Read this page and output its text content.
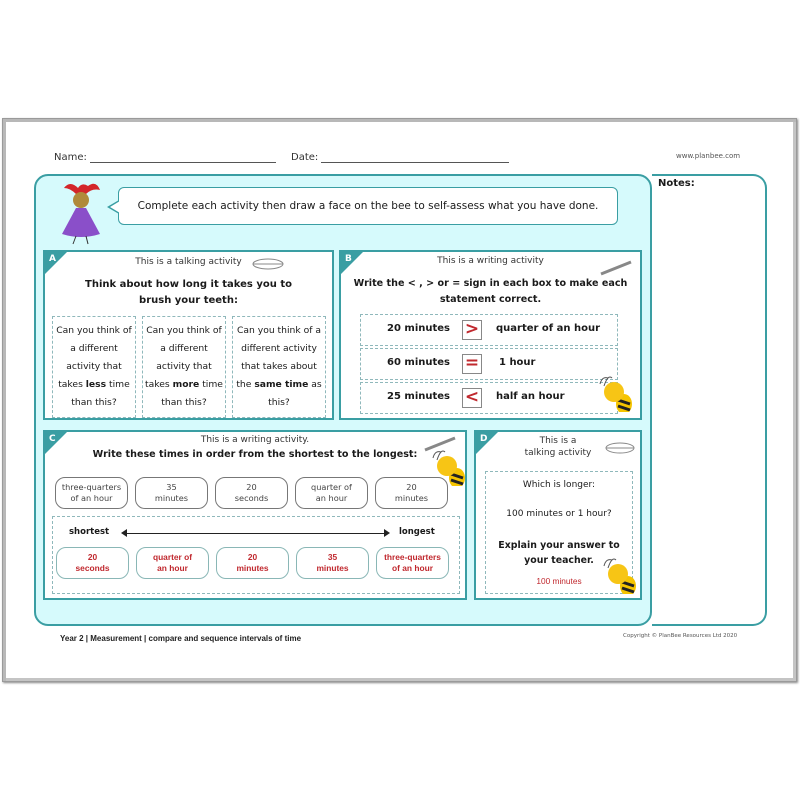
Name:	Date:	www.planbee.com
Notes:
Complete each activity then draw a face on the bee to self-assess what you have done.
A	This is a talking activity
Think about how long it takes you to
brush your teeth:
Can you think of a different activity that takes less time than this?
Can you think of a different activity that takes more time than this?
Can you think of a different activity that takes about the same time as this?
B	This is a writing activity
Write the < , > or = sign in each box to make each
statement correct.
20 minutes > quarter of an hour
60 minutes = 1 hour
25 minutes < half an hour
C	This is a writing activity.
Write these times in order from the shortest to the longest:
three-quarters
of an hour
35
minutes
20
seconds
quarter of
an hour
20
minutes
shortest	longest
20
seconds
quarter of
an hour
20
minutes
35
minutes
three-quarters
of an hour
D	This is a
talking activity
Which is longer:
100 minutes or 1 hour?
Explain your answer to
your teacher.
100 minutes
Year 2 | Measurement | compare and sequence intervals of time	Copyright © PlanBee Resources Ltd 2020
